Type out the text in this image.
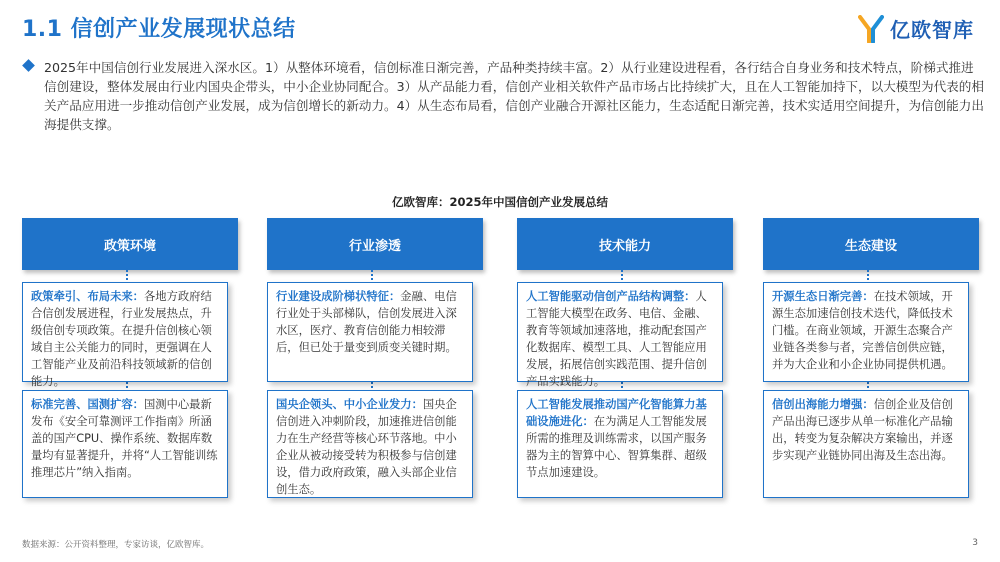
1.1 信创产业发展现状总结	亿欧智库

2025年中国信创行业发展进入深水区。1）从整体环境看，信创标准日渐完善，产品种类持续丰富。2）从行业建设进程看，各行结合自身业务和技术特点，阶梯式推进信创建设，整体发展由行业内国央企带头，中小企业协同配合。3）从产品能力看，信创产业相关软件产品市场占比持续扩大，且在人工智能加持下，以大模型为代表的相关产品应用进一步推动信创产业发展，成为信创增长的新动力。4）从生态布局看，信创产业融合开源社区能力，生态适配日渐完善，技术实适用空间提升，为信创能力出海提供支撑。

亿欧智库：2025年中国信创产业发展总结
政策环境
政策牵引、布局未来：各地方政府结合信创发展进程，行业发展热点，升级信创专项政策。在提升信创核心领域自主公关能力的同时，更强调在人工智能产业及前沿科技领域新的信创能力。
标准完善、国测扩容：国测中心最新发布《安全可靠测评工作指南》所涵盖的国产CPU、操作系统、数据库数量均有显著提升，并将“人工智能训练推理芯片”纳入指南。
行业渗透
行业建设成阶梯状特征：金融、电信行业处于头部梯队，信创发展进入深水区，医疗、教育信创能力相较滞后，但已处于量变到质变关键时期。
国央企领头、中小企业发力：国央企信创进入冲刺阶段，加速推进信创能力在生产经营等核心环节落地。中小企业从被动接受转为积极参与信创建设，借力政府政策，融入头部企业信创生态。
技术能力
人工智能驱动信创产品结构调整：人工智能大模型在政务、电信、金融、教育等领域加速落地，推动配套国产化数据库、模型工具、人工智能应用发展，拓展信创实践范围、提升信创产品实践能力。
人工智能发展推动国产化智能算力基础设施进化：在为满足人工智能发展所需的推理及训练需求，以国产服务器为主的智算中心、智算集群、超级节点加速建设。
生态建设
开源生态日渐完善：在技术领域，开源生态加速信创技术迭代，降低技术门槛。在商业领域，开源生态聚合产业链各类参与者，完善信创供应链，并为大企业和小企业协同提供机遇。
信创出海能力增强：信创企业及信创产品出海已逐步从单一标准化产品输出，转变为复杂解决方案输出，并逐步实现产业链协同出海及生态出海。
数据来源：公开资料整理，专家访谈，亿欧智库。	3
